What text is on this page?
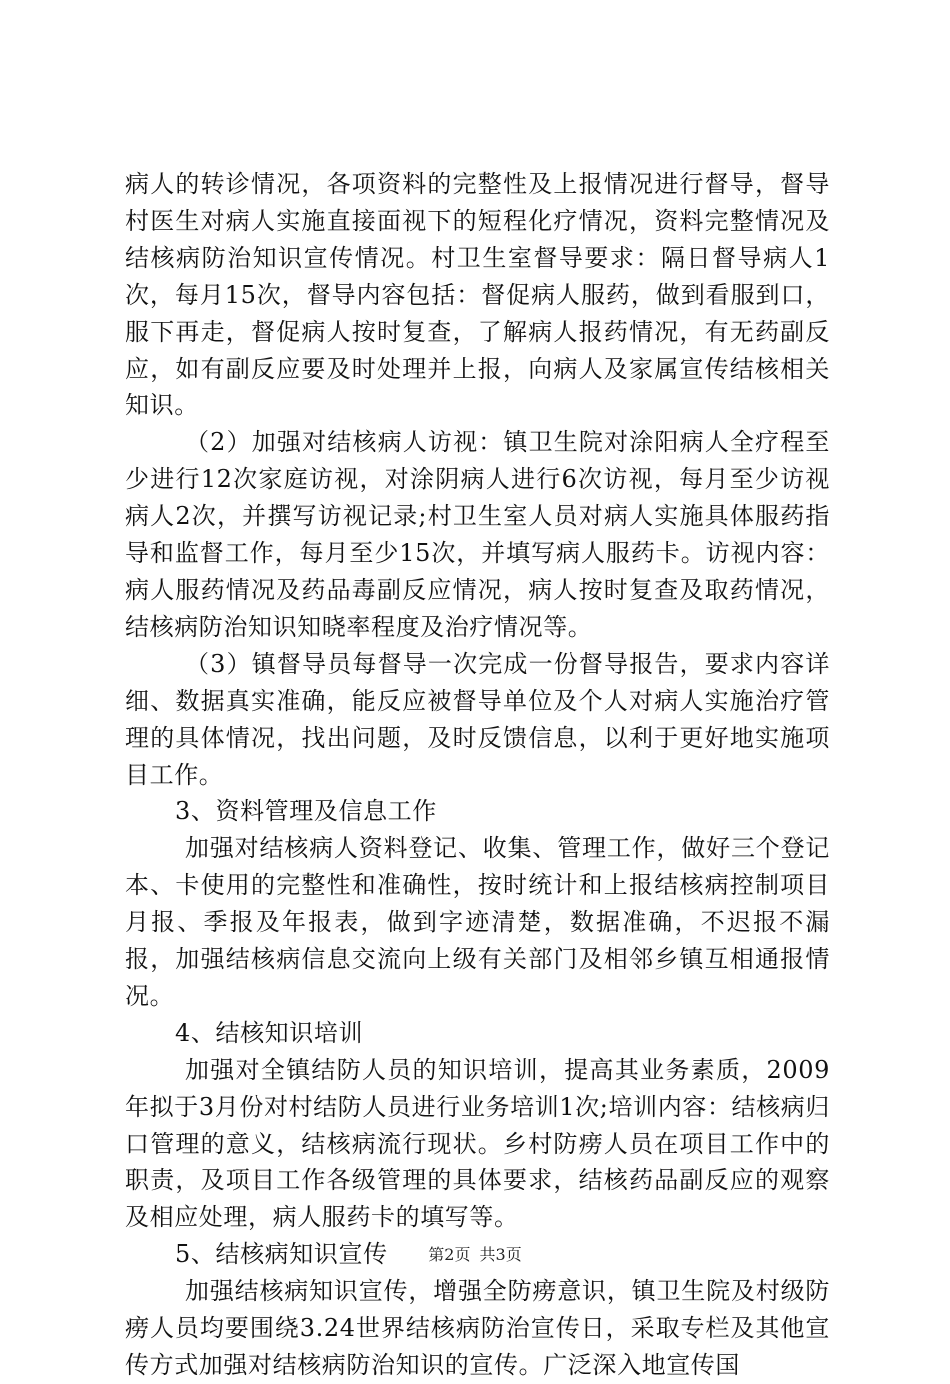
病人的转诊情况，各项资料的完整性及上报情况进行督导，督导村医生对病人实施直接面视下的短程化疗情况，资料完整情况及结核病防治知识宣传情况。村卫生室督导要求：隔日督导病人1次，每月15次，督导内容包括：督促病人服药，做到看服到口，服下再走，督促病人按时复查，了解病人报药情况，有无药副反应，如有副反应要及时处理并上报，向病人及家属宣传结核相关知识。

（2）加强对结核病人访视：镇卫生院对涂阳病人全疗程至少进行12次家庭访视，对涂阴病人进行6次访视，每月至少访视病人2次，并撰写访视记录;村卫生室人员对病人实施具体服药指导和监督工作，每月至少15次，并填写病人服药卡。访视内容：病人服药情况及药品毒副反应情况，病人按时复查及取药情况，结核病防治知识知晓率程度及治疗情况等。

（3）镇督导员每督导一次完成一份督导报告，要求内容详细、数据真实准确，能反应被督导单位及个人对病人实施治疗管理的具体情况，找出问题，及时反馈信息，以利于更好地实施项目工作。

3、资料管理及信息工作

加强对结核病人资料登记、收集、管理工作，做好三个登记本、卡使用的完整性和准确性，按时统计和上报结核病控制项目月报、季报及年报表，做到字迹清楚，数据准确，不迟报不漏报，加强结核病信息交流向上级有关部门及相邻乡镇互相通报情况。

4、结核知识培训

加强对全镇结防人员的知识培训，提高其业务素质，2009年拟于3月份对村结防人员进行业务培训1次;培训内容：结核病归口管理的意义，结核病流行现状。乡村防痨人员在项目工作中的职责，及项目工作各级管理的具体要求，结核药品副反应的观察及相应处理，病人服药卡的填写等。

5、结核病知识宣传

加强结核病知识宣传，增强全防痨意识，镇卫生院及村级防痨人员均要围绕3.24世界结核病防治宣传日，采取专栏及其他宣传方式加强对结核病防治知识的宣传。广泛深入地宣传国

第2页 共3页
